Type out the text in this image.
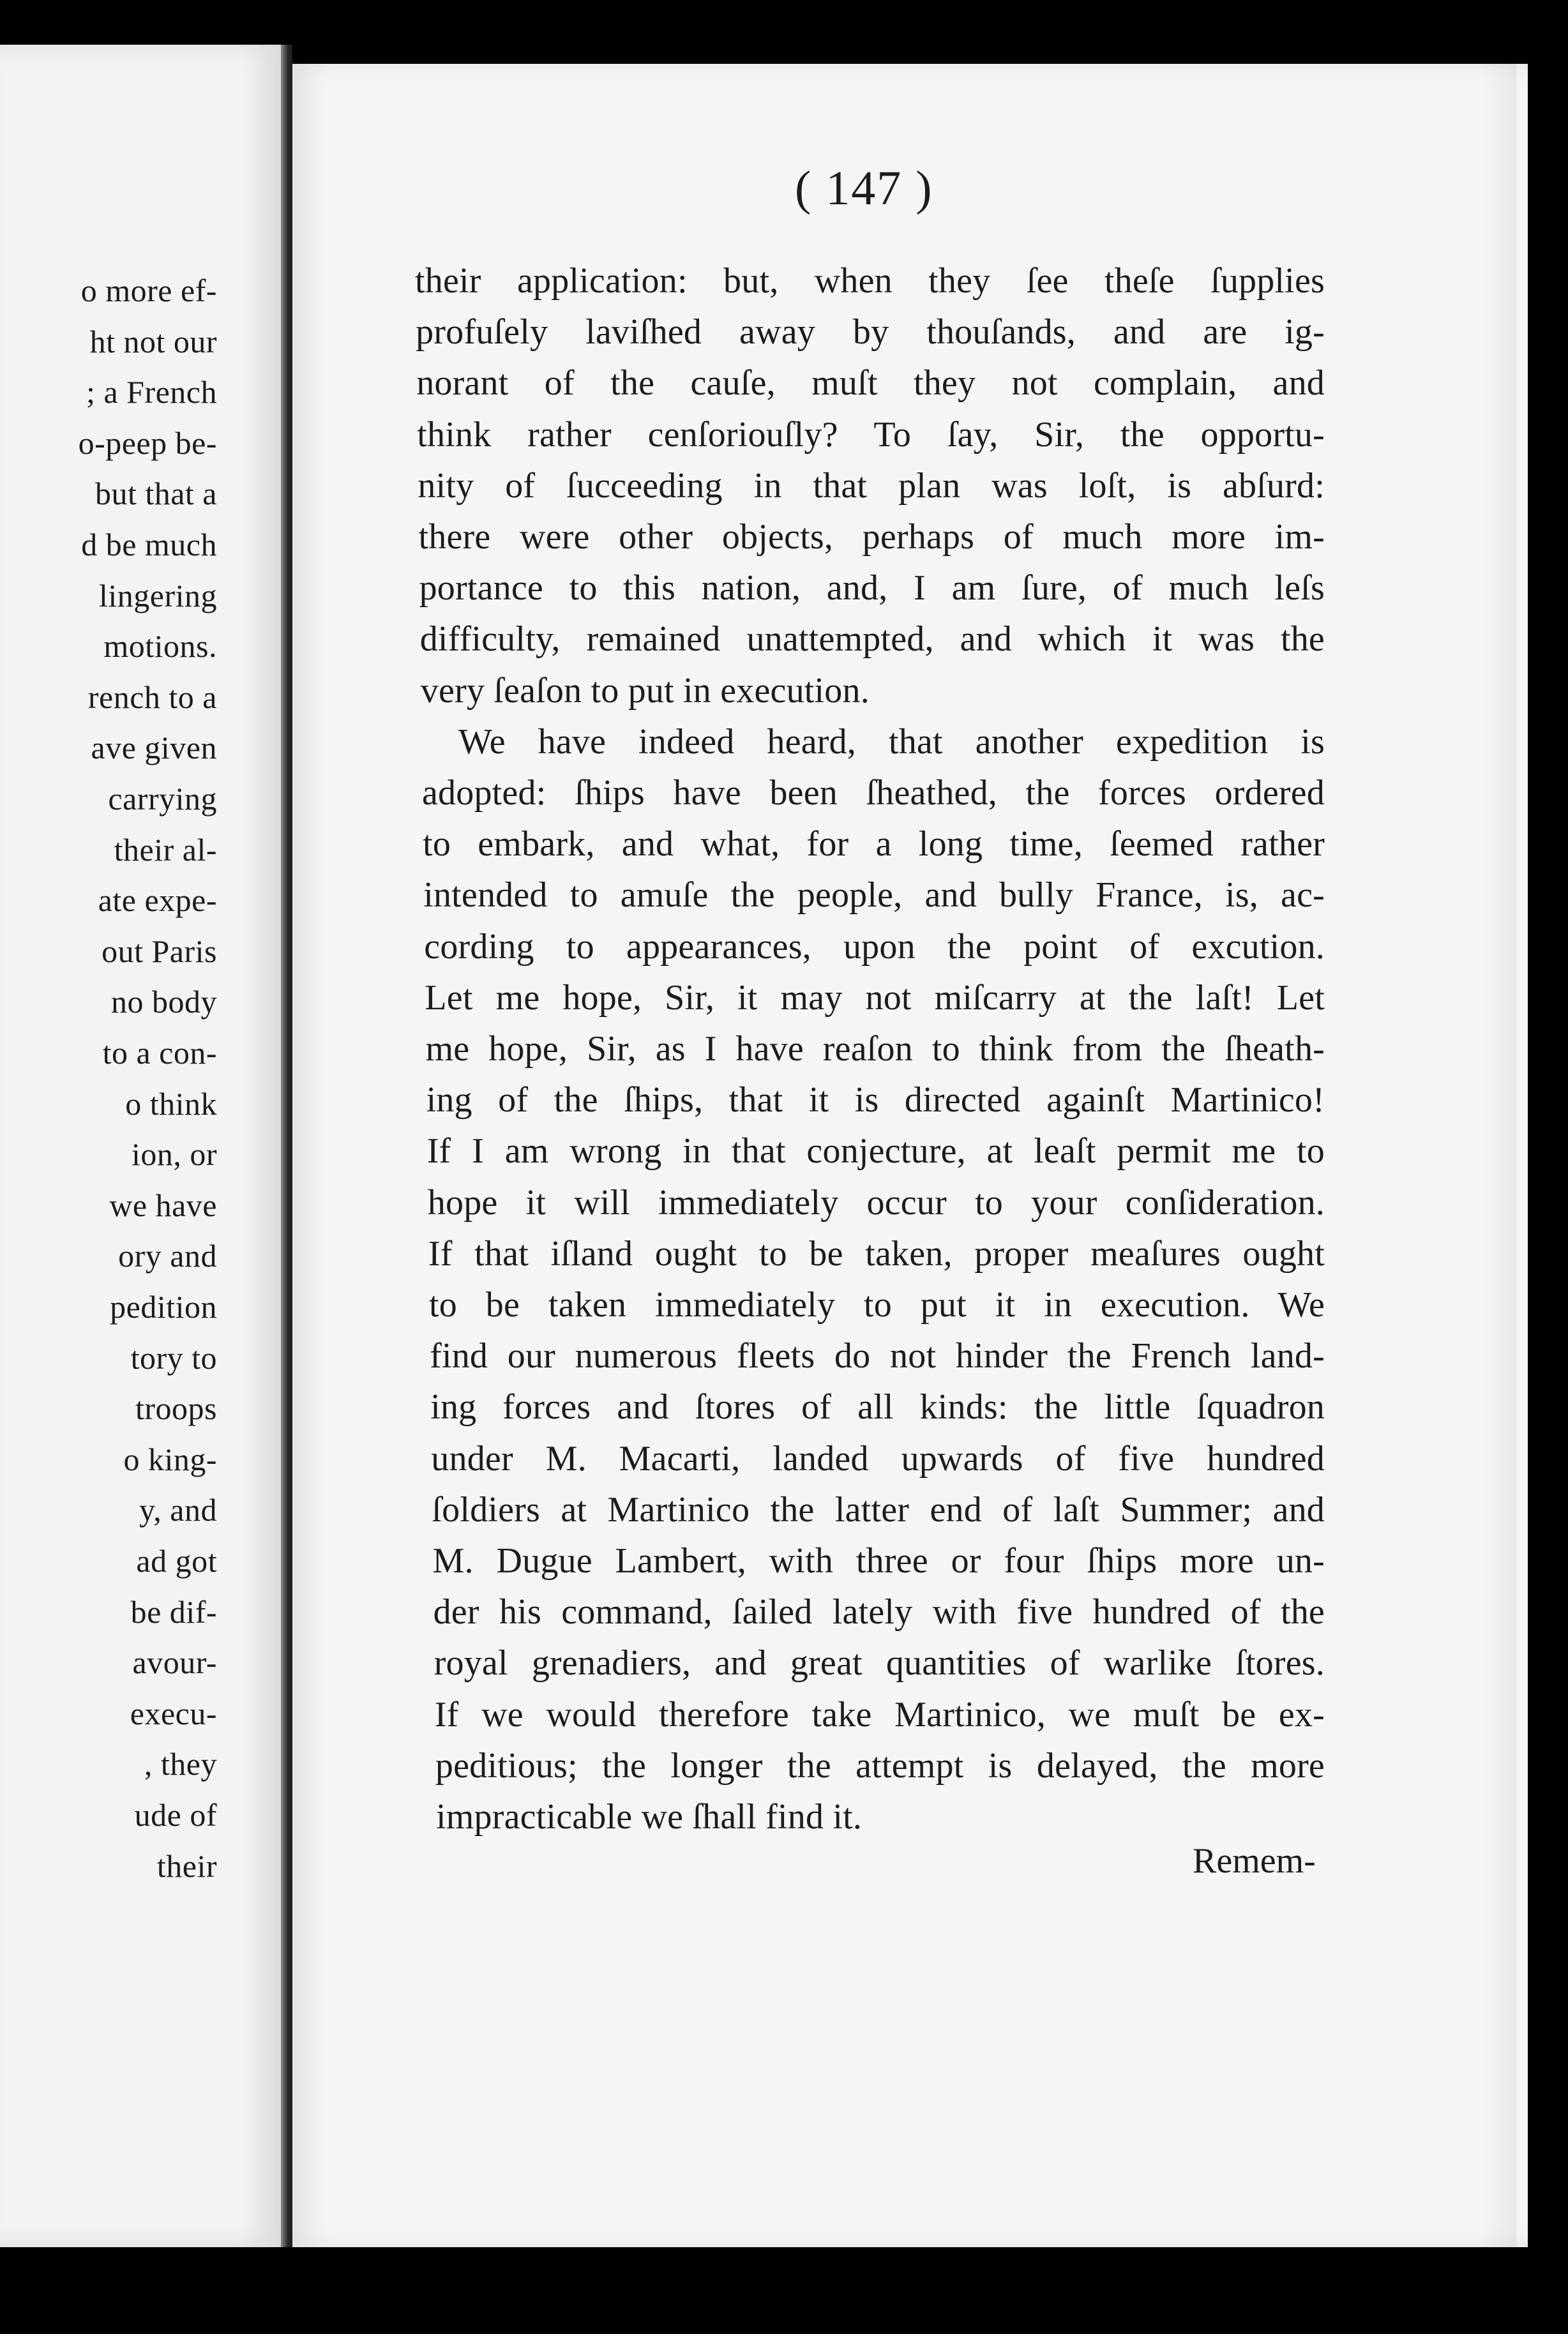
o more ef-
ht not our
; a French
o-peep be-
but that a
d be much
lingering
motions.
rench to a
ave given
carrying
their al-
ate expe-
out Paris
no body
to a con-
o think
ion, or
we have
ory and
pedition
tory to
troops
o king-
y, and
ad got
be dif-
avour-
execu-
, they
ude of
their
( 147 )
their application: but, when they ſee theſe ſupplies
profuſely laviſhed away by thouſands, and are ig-
norant of the cauſe, muſt they not complain, and
think rather cenſoriouſly? To ſay, Sir, the opportu-
nity of ſucceeding in that plan was loſt, is abſurd:
there were other objects, perhaps of much more im-
portance to this nation, and, I am ſure, of much leſs
difficulty, remained unattempted, and which it was the
very ſeaſon to put in execution.
We have indeed heard, that another expedition is
adopted: ſhips have been ſheathed, the forces ordered
to embark, and what, for a long time, ſeemed rather
intended to amuſe the people, and bully France, is, ac-
cording to appearances, upon the point of excution.
Let me hope, Sir, it may not miſcarry at the laſt! Let
me hope, Sir, as I have reaſon to think from the ſheath-
ing of the ſhips, that it is directed againſt Martinico!
If I am wrong in that conjecture, at leaſt permit me to
hope it will immediately occur to your conſideration.
If that iſland ought to be taken, proper meaſures ought
to be taken immediately to put it in execution. We
find our numerous fleets do not hinder the French land-
ing forces and ſtores of all kinds: the little ſquadron
under M. Macarti, landed upwards of five hundred
ſoldiers at Martinico the latter end of laſt Summer; and
M. Dugue Lambert, with three or four ſhips more un-
der his command, ſailed lately with five hundred of the
royal grenadiers, and great quantities of warlike ſtores.
If we would therefore take Martinico, we muſt be ex-
peditious; the longer the attempt is delayed, the more
impracticable we ſhall find it.
Remem-
